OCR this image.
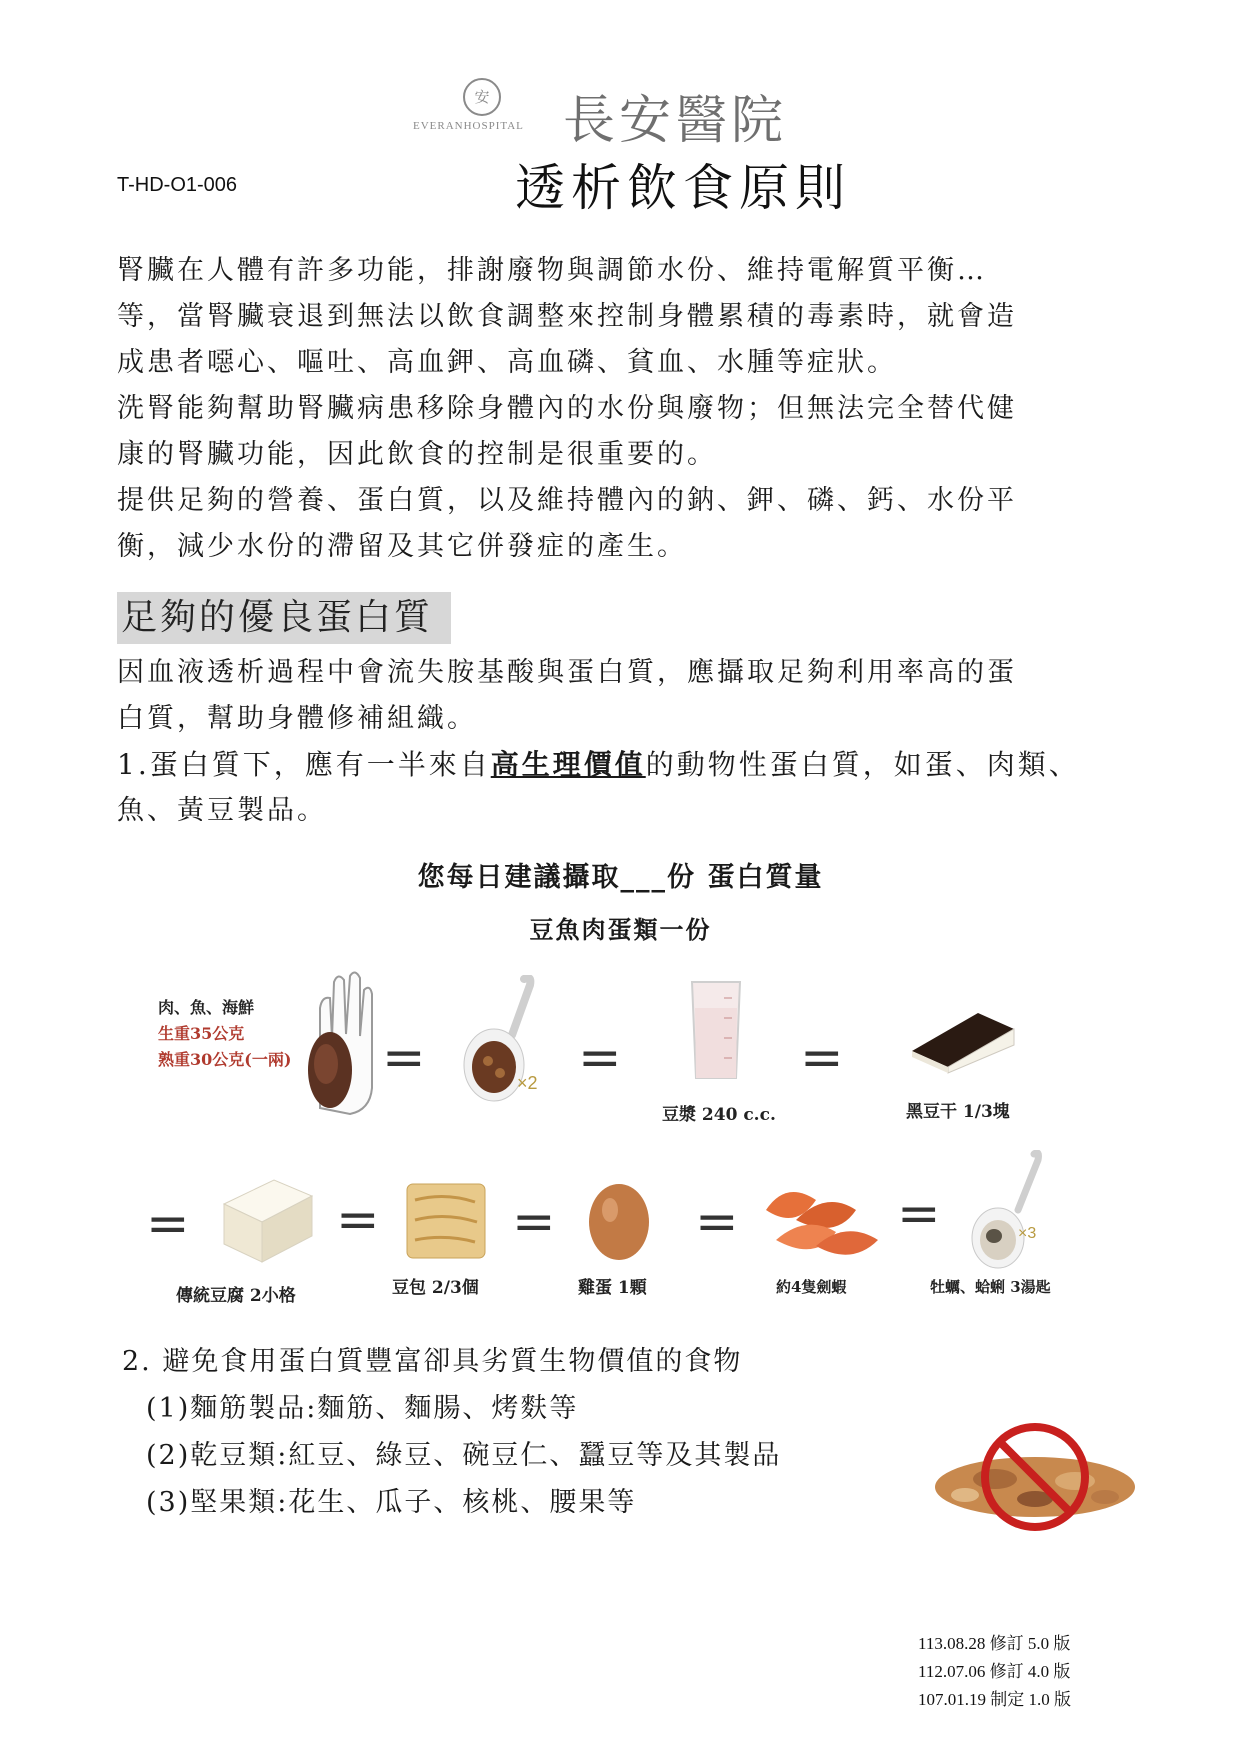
安
EVERANHOSPITAL 長安醫院
T-HD-O1-006	透析飲食原則

腎臟在人體有許多功能，排謝廢物與調節水份、維持電解質平衡…

等，當腎臟衰退到無法以飲食調整來控制身體累積的毒素時，就會造

成患者噁心、嘔吐、高血鉀、高血磷、貧血、水腫等症狀。

洗腎能夠幫助腎臟病患移除身體內的水份與廢物；但無法完全替代健

康的腎臟功能，因此飲食的控制是很重要的。

提供足夠的營養、蛋白質，以及維持體內的鈉、鉀、磷、鈣、水份平

衡，減少水份的滯留及其它併發症的產生。

足夠的優良蛋白質

因血液透析過程中會流失胺基酸與蛋白質，應攝取足夠利用率高的蛋

白質，幫助身體修補組織。

1.蛋白質下，應有一半來自高生理價值的動物性蛋白質，如蛋、肉類、

魚、黃豆製品。

您每日建議攝取___份 蛋白質量
豆魚肉蛋類一份
肉、魚、海鮮
生重35公克
熟重30公克(一兩) =	×2 =
豆漿 240 c.c.
=
黑豆干 1/3塊
=
傳統豆腐 2小格
=
豆包 2/3個
=
雞蛋 1顆
=
約4隻劍蝦
=	×3
牡蠣、蛤蜊 3湯匙

2. 避免食用蛋白質豐富卻具劣質生物價值的食物

(1)麵筋製品:麵筋、麵腸、烤麩等

(2)乾豆類:紅豆、綠豆、碗豆仁、蠶豆等及其製品

(3)堅果類:花生、瓜子、核桃、腰果等

113.08.28 修訂 5.0 版
112.07.06 修訂 4.0 版
107.01.19 制定 1.0 版
